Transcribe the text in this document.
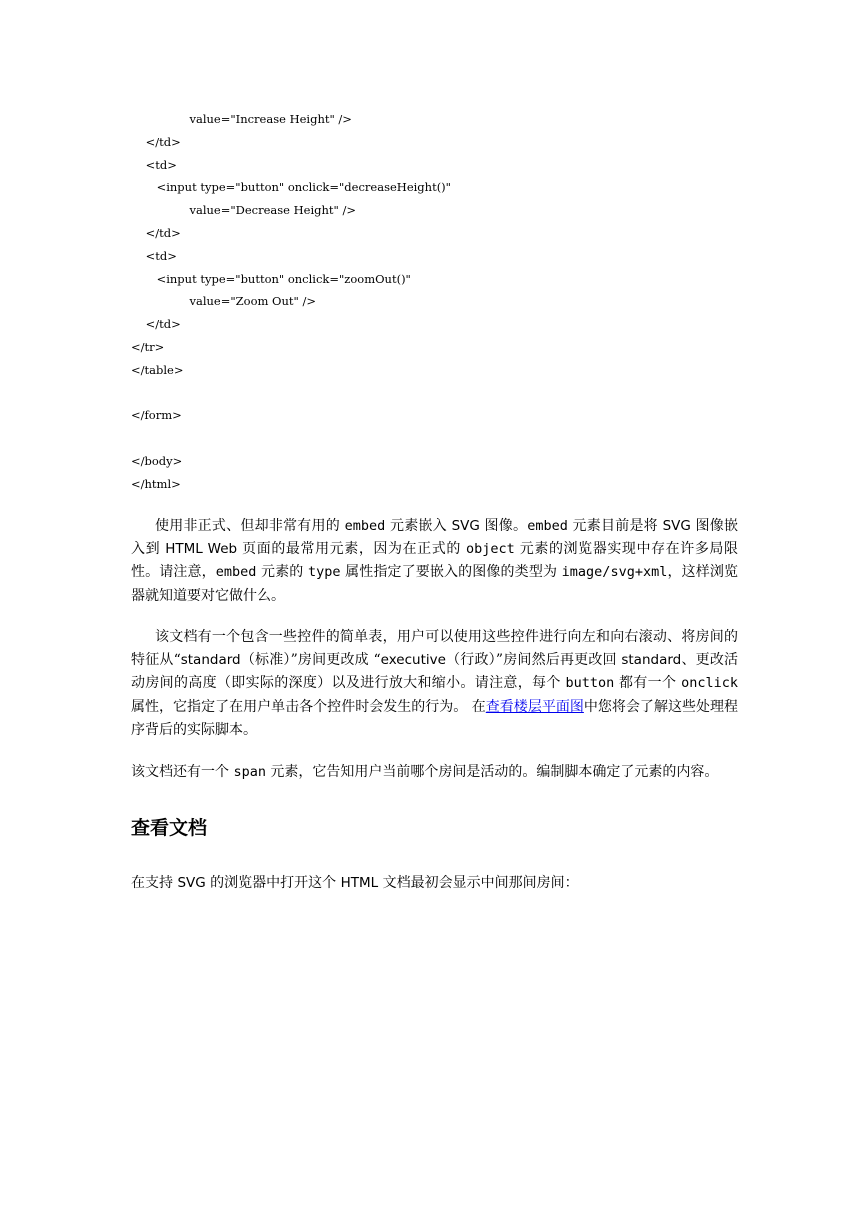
value="Increase Height" />
</td>
<td>
<input type="button" onclick="decreaseHeight()"
value="Decrease Height" />
</td>
<td>
<input type="button" onclick="zoomOut()"
value="Zoom Out" />
</td>
</tr>
</table>
</form>
</body>
</html>

使用非正式、但却非常有用的 embed 元素嵌入 SVG 图像。embed 元素目前是将 SVG 图像嵌入到 HTML Web 页面的最常用元素，因为在正式的 object 元素的浏览器实现中存在许多局限性。请注意，embed 元素的 type 属性指定了要嵌入的图像的类型为 image/svg+xml，这样浏览器就知道要对它做什么。

该文档有一个包含一些控件的简单表，用户可以使用这些控件进行向左和向右滚动、将房间的特征从“standard（标准）”房间更改成 “executive（行政）”房间然后再更改回 standard、更改活动房间的高度（即实际的深度）以及进行放大和缩小。请注意，每个 button 都有一个 onclick 属性，它指定了在用户单击各个控件时会发生的行为。 在查看楼层平面图中您将会了解这些处理程序背后的实际脚本。

该文档还有一个 span 元素，它告知用户当前哪个房间是活动的。编制脚本确定了元素的内容。

查看文档

在支持 SVG 的浏览器中打开这个 HTML 文档最初会显示中间那间房间：
